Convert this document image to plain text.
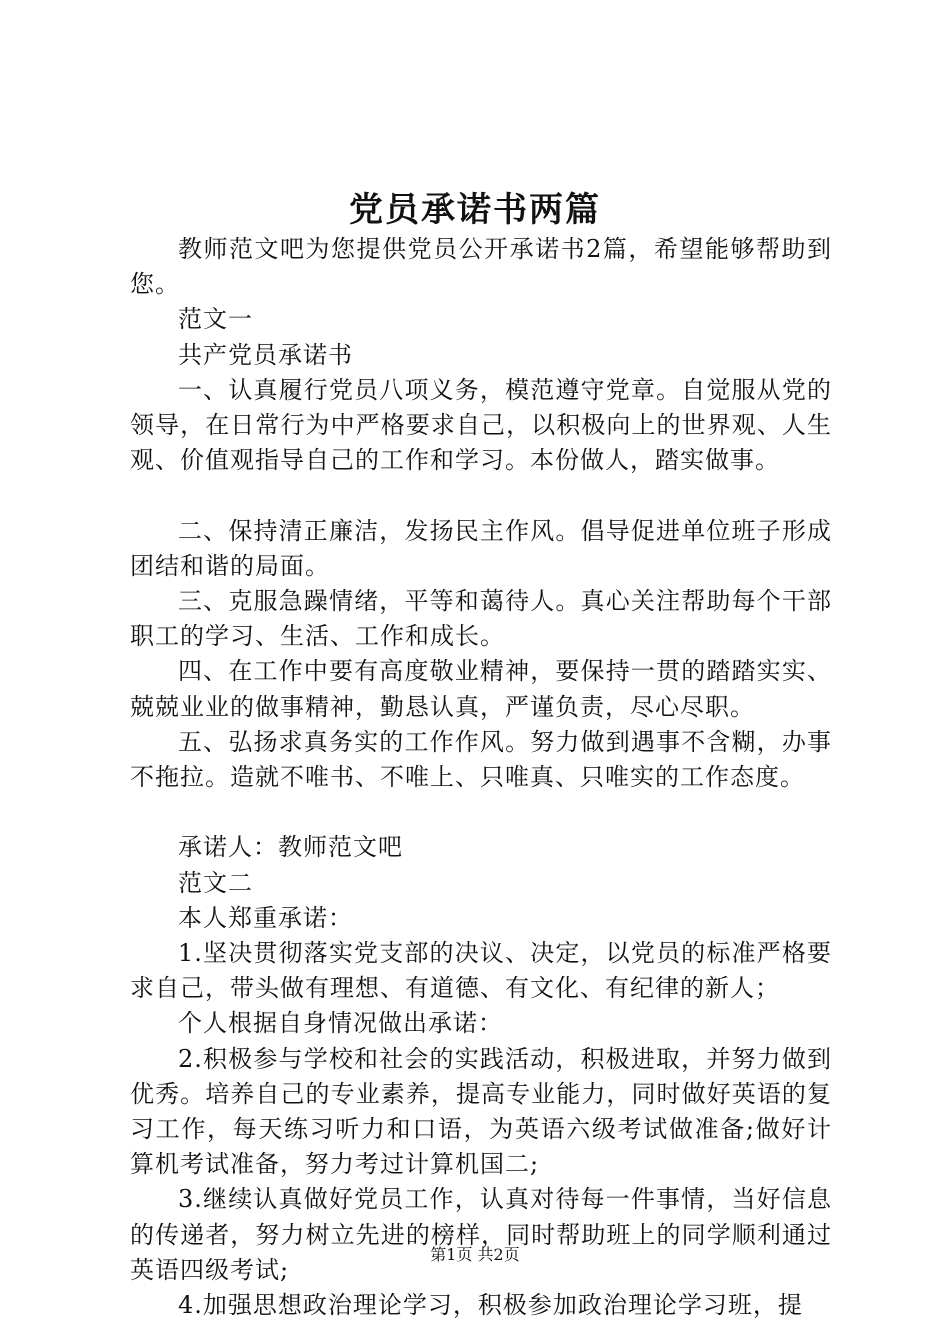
党员承诺书两篇

教师范文吧为您提供党员公开承诺书2篇，希望能够帮助到您。

范文一

共产党员承诺书

一、认真履行党员八项义务，模范遵守党章。自觉服从党的领导，在日常行为中严格要求自己，以积极向上的世界观、人生观、价值观指导自己的工作和学习。本份做人，踏实做事。

二、保持清正廉洁，发扬民主作风。倡导促进单位班子形成团结和谐的局面。

三、克服急躁情绪，平等和蔼待人。真心关注帮助每个干部职工的学习、生活、工作和成长。

四、在工作中要有高度敬业精神，要保持一贯的踏踏实实、兢兢业业的做事精神，勤恳认真，严谨负责，尽心尽职。

五、弘扬求真务实的工作作风。努力做到遇事不含糊，办事不拖拉。造就不唯书、不唯上、只唯真、只唯实的工作态度。

承诺人：教师范文吧

范文二

本人郑重承诺：

1.坚决贯彻落实党支部的决议、决定，以党员的标准严格要求自己，带头做有理想、有道德、有文化、有纪律的新人；

个人根据自身情况做出承诺：

2.积极参与学校和社会的实践活动，积极进取，并努力做到优秀。培养自己的专业素养，提高专业能力，同时做好英语的复习工作，每天练习听力和口语，为英语六级考试做准备;做好计算机考试准备，努力考过计算机国二;

3.继续认真做好党员工作，认真对待每一件事情，当好信息的传递者，努力树立先进的榜样，同时帮助班上的同学顺利通过英语四级考试;

4.加强思想政治理论学习，积极参加政治理论学习班，提

第1页 共2页
